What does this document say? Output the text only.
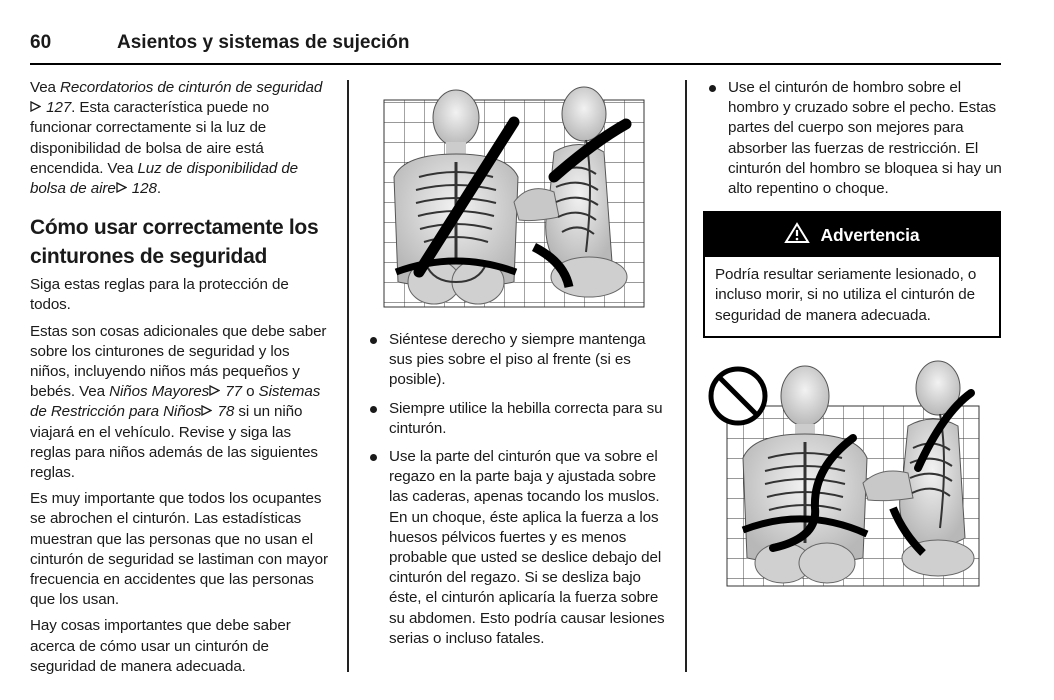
60	Asientos y sistemas de sujeción

Vea Recordatorios de cinturón de seguridad

127. Esta característica puede no funcionar correctamente si la luz de disponibilidad de bolsa de aire está encendida. Vea Luz de disponibilidad de bolsa de aire 128.

Cómo usar correctamente los
cinturones de seguridad

Siga estas reglas para la protección de todos.

Estas son cosas adicionales que debe saber sobre los cinturones de seguridad y los niños, incluyendo niños más pequeños y bebés. Vea Niños Mayores 77 o Sistemas de Restricción para Niños 78 si un niño viajará en el vehículo. Revise y siga las reglas para niños además de las siguientes reglas.

Es muy importante que todos los ocupantes se abrochen el cinturón. Las estadísticas muestran que las personas que no usan el cinturón de seguridad se lastiman con mayor frecuencia en accidentes que las personas que los usan.

Hay cosas importantes que debe saber acerca de cómo usar un cinturón de seguridad de manera adecuada.

Siéntese derecho y siempre mantenga sus pies sobre el piso al frente (si es posible).
Siempre utilice la hebilla correcta para su cinturón.
Use la parte del cinturón que va sobre el regazo en la parte baja y ajustada sobre las caderas, apenas tocando los muslos. En un choque, éste aplica la fuerza a los huesos pélvicos fuertes y es menos probable que usted se deslice debajo del cinturón del regazo. Si se desliza bajo éste, el cinturón aplicaría la fuerza sobre su abdomen. Esto podría causar lesiones serias o incluso fatales.
Use el cinturón de hombro sobre el hombro y cruzado sobre el pecho. Estas partes del cuerpo son mejores para absorber las fuerzas de restricción. El cinturón del hombro se bloquea si hay un alto repentino o choque.
Advertencia
Podría resultar seriamente lesionado, o incluso morir, si no utiliza el cinturón de seguridad de manera adecuada.
